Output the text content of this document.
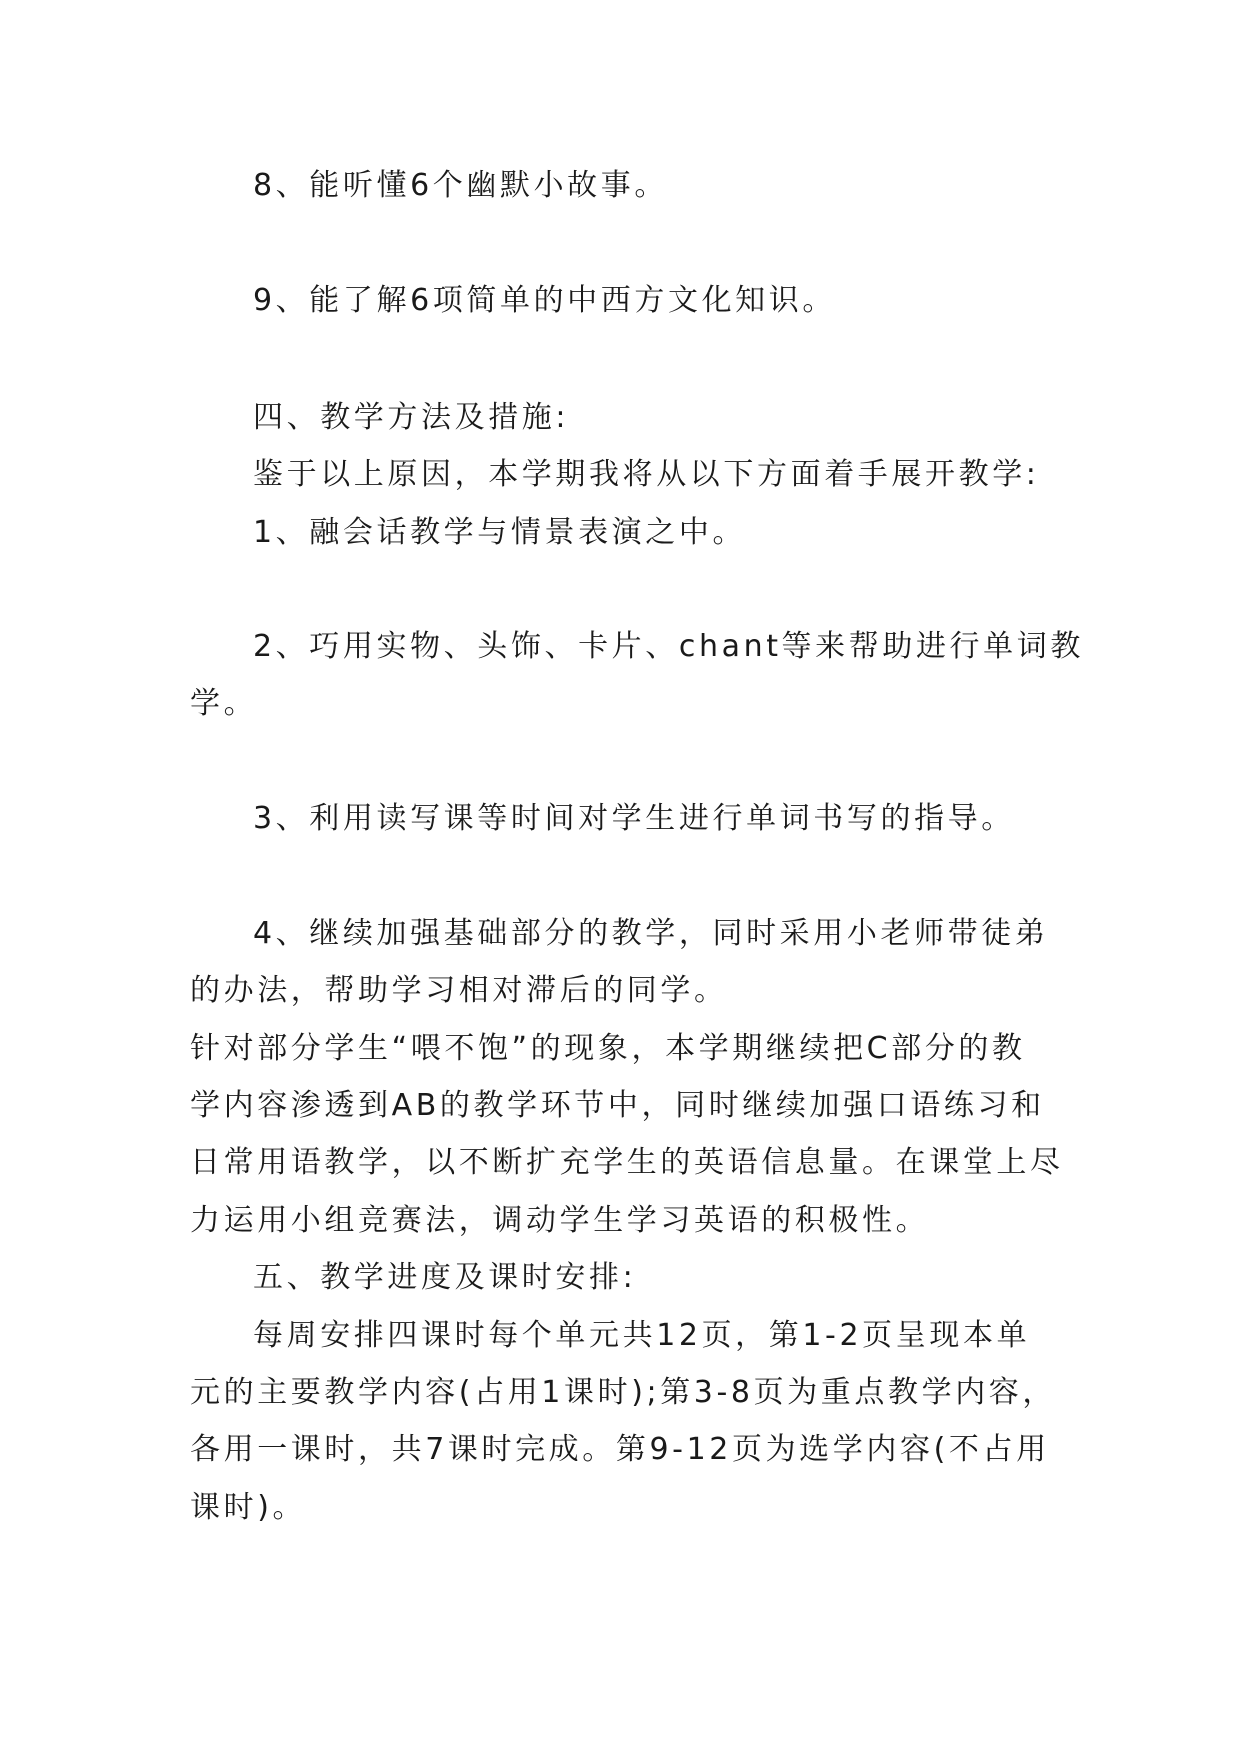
8、能听懂6个幽默小故事。
9、能了解6项简单的中西方文化知识。
四、教学方法及措施:
鉴于以上原因，本学期我将从以下方面着手展开教学:
1、融会话教学与情景表演之中。
2、巧用实物、头饰、卡片、chant等来帮助进行单词教
学。
3、利用读写课等时间对学生进行单词书写的指导。
4、继续加强基础部分的教学，同时采用小老师带徒弟
的办法，帮助学习相对滞后的同学。
针对部分学生“喂不饱”的现象，本学期继续把C部分的教
学内容渗透到AB的教学环节中，同时继续加强口语练习和
日常用语教学，以不断扩充学生的英语信息量。在课堂上尽
力运用小组竞赛法，调动学生学习英语的积极性。
五、教学进度及课时安排:
每周安排四课时每个单元共12页，第1-2页呈现本单
元的主要教学内容(占用1课时);第3-8页为重点教学内容，
各用一课时，共7课时完成。第9-12页为选学内容(不占用
课时)。
